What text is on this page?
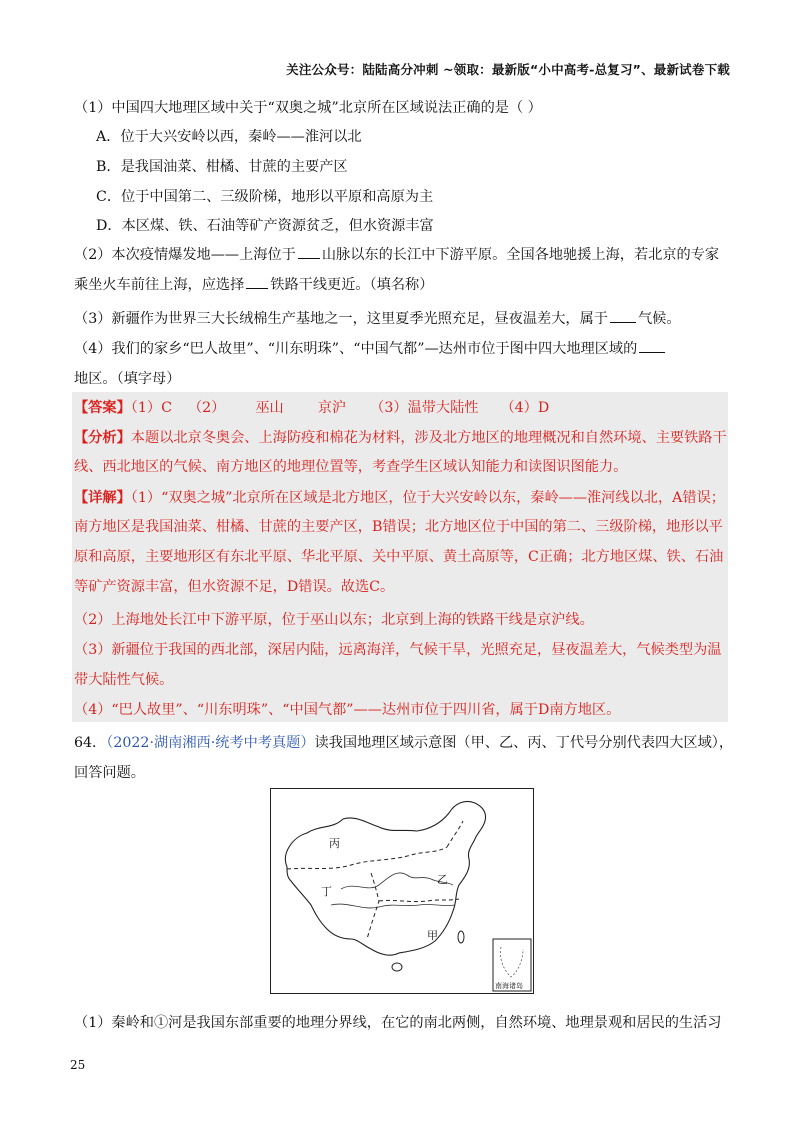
关注公众号：陆陆高分冲刺 ~领取：最新版“小中高考-总复习”、最新试卷下载
（1）中国四大地理区域中关于“双奥之城”北京所在区域说法正确的是（ ）
A．位于大兴安岭以西，秦岭——淮河以北
B．是我国油菜、柑橘、甘蔗的主要产区
C．位于中国第二、三级阶梯，地形以平原和高原为主
D．本区煤、铁、石油等矿产资源贫乏，但水资源丰富
（2）本次疫情爆发地——上海位于 山脉以东的长江中下游平原。全国各地驰援上海，若北京的专家
乘坐火车前往上海，应选择 铁路干线更近。（填名称）
（3）新疆作为世界三大长绒棉生产基地之一，这里夏季光照充足，昼夜温差大，属于 气候。
（4）我们的家乡“巴人故里”、“川东明珠”、“中国气都”—达州市位于图中四大地理区域的
地区。（填字母）
【答案】（1）C （2） 巫山 京沪 （3）温带大陆性 （4）D
【分析】本题以北京冬奥会、上海防疫和棉花为材料，涉及北方地区的地理概况和自然环境、主要铁路干
线、西北地区的气候、南方地区的地理位置等，考查学生区域认知能力和读图识图能力。
【详解】（1）“双奥之城”北京所在区域是北方地区，位于大兴安岭以东，秦岭——淮河线以北，A错误；
南方地区是我国油菜、柑橘、甘蔗的主要产区，B错误；北方地区位于中国的第二、三级阶梯，地形以平
原和高原，主要地形区有东北平原、华北平原、关中平原、黄土高原等，C正确；北方地区煤、铁、石油
等矿产资源丰富，但水资源不足，D错误。故选C。
（2）上海地处长江中下游平原，位于巫山以东；北京到上海的铁路干线是京沪线。
（3）新疆位于我国的西北部，深居内陆，远离海洋，气候干旱，光照充足，昼夜温差大，气候类型为温
带大陆性气候。
（4）“巴人故里”、“川东明珠”、“中国气都”——达州市位于四川省，属于D南方地区。
64．（2022·湖南湘西·统考中考真题）读我国地理区域示意图（甲、乙、丙、丁代号分别代表四大区域），
回答问题。
丙
乙
丁
甲
南海诸岛
（1）秦岭和①河是我国东部重要的地理分界线，在它的南北两侧，自然环境、地理景观和居民的生活习
25
